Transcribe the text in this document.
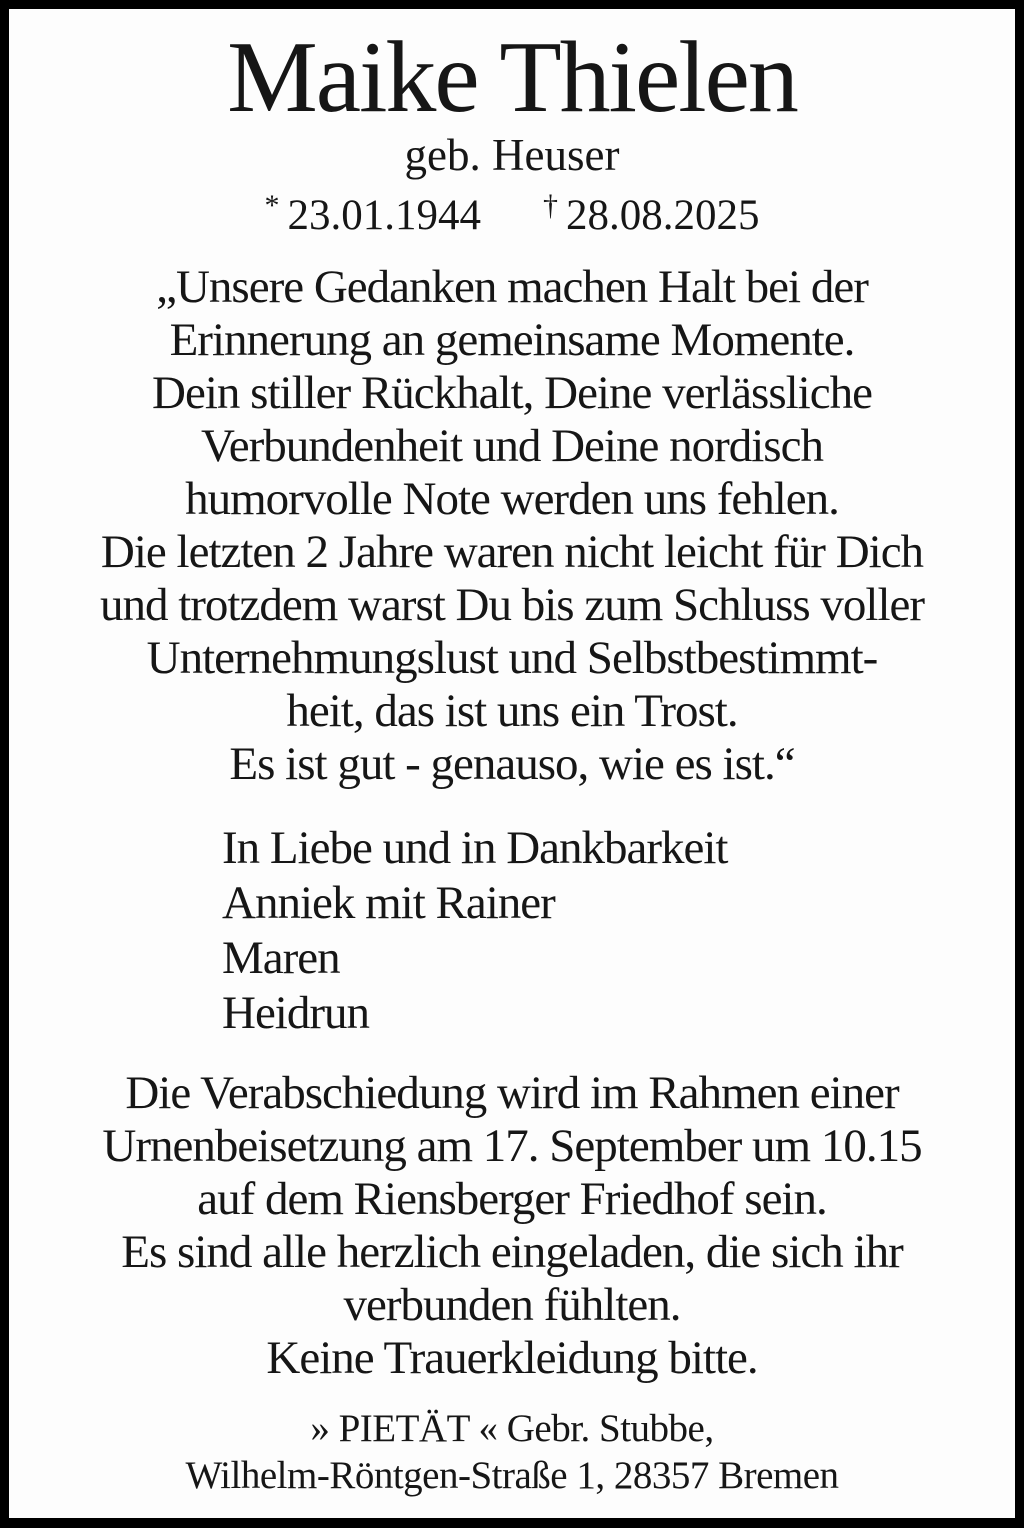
Maike Thielen
geb. Heuser
* 23.01.1944 † 28.08.2025
„Unsere Gedanken machen Halt bei der
Erinnerung an gemeinsame Momente.
Dein stiller Rückhalt, Deine verlässliche
Verbundenheit und Deine nordisch
humorvolle Note werden uns fehlen.
Die letzten 2 Jahre waren nicht leicht für Dich
und trotzdem warst Du bis zum Schluss voller
Unternehmungslust und Selbstbestimmt-
heit, das ist uns ein Trost.
Es ist gut - genauso, wie es ist.“
In Liebe und in Dankbarkeit
Anniek mit Rainer
Maren
Heidrun
Die Verabschiedung wird im Rahmen einer
Urnenbeisetzung am 17. September um 10.15
auf dem Riensberger Friedhof sein.
Es sind alle herzlich eingeladen, die sich ihr
verbunden fühlten.
Keine Trauerkleidung bitte.
» PIETÄT « Gebr. Stubbe,
Wilhelm-Röntgen-Straße 1, 28357 Bremen
